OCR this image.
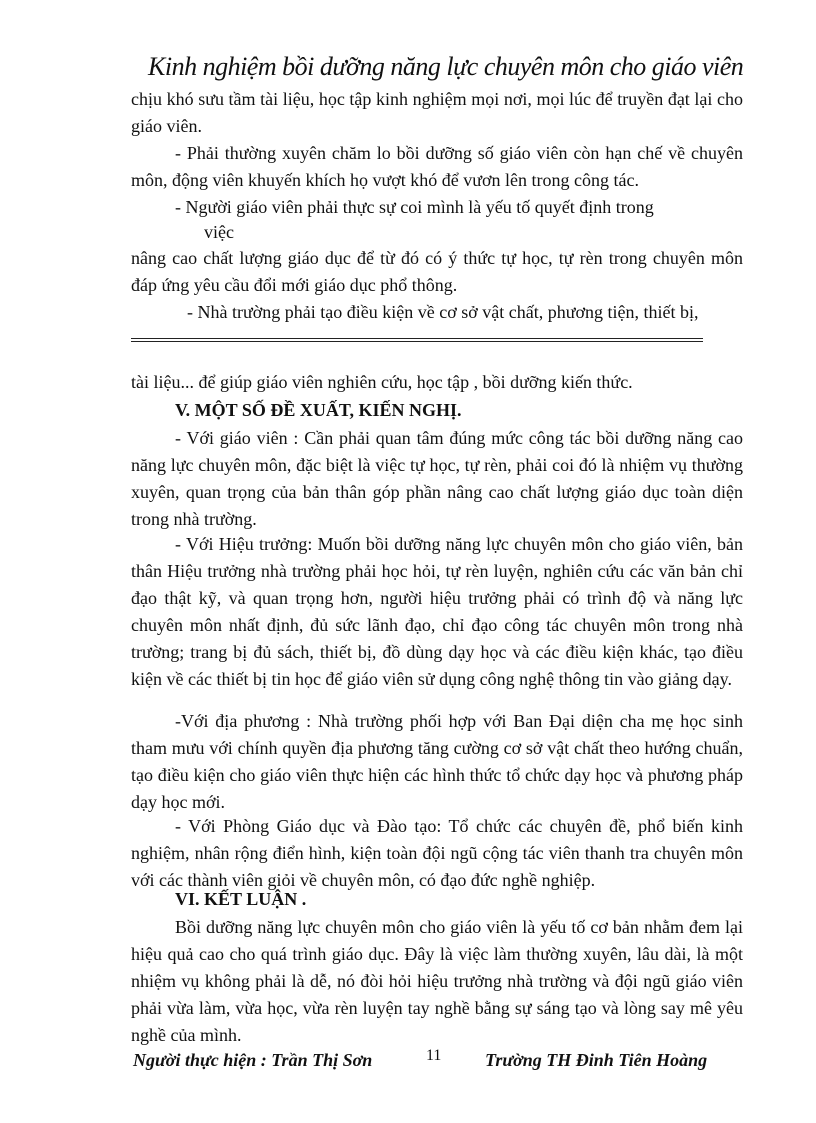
Kinh nghiệm bồi dưỡng năng lực chuyên môn cho giáo viên

chịu khó sưu tầm tài liệu, học tập kinh nghiệm mọi nơi, mọi lúc để truyền đạt lại cho giáo viên.

- Phải thường xuyên chăm lo bồi dưỡng số giáo viên còn hạn chế về chuyên môn, động viên khuyến khích họ vượt khó để vươn lên trong công tác.

- Người giáo viên phải thực sự coi mình là yếu tố quyết định trong

việc

nâng cao chất lượng giáo dục để từ đó có ý thức tự học, tự rèn trong chuyên môn đáp ứng yêu cầu đổi mới giáo dục phổ thông.

- Nhà trường phải tạo điều kiện về cơ sở vật chất, phương tiện, thiết bị,

tài liệu... để giúp giáo viên nghiên cứu, học tập , bồi dưỡng kiến thức.

V. MỘT SỐ ĐỀ XUẤT, KIẾN NGHỊ.

- Với giáo viên : Cần phải quan tâm đúng mức công tác bồi dưỡng năng cao năng lực chuyên môn, đặc biệt là việc tự học, tự rèn, phải coi đó là nhiệm vụ thường xuyên, quan trọng của bản thân góp phần nâng cao chất lượng giáo dục toàn diện trong nhà trường.

- Với Hiệu trưởng: Muốn bồi dưỡng năng lực chuyên môn cho giáo viên, bản thân Hiệu trưởng nhà trường phải học hỏi, tự rèn luyện, nghiên cứu các văn bản chỉ đạo thật kỹ, và quan trọng hơn, người hiệu trưởng phải có trình độ và năng lực chuyên môn nhất định, đủ sức lãnh đạo, chỉ đạo công tác chuyên môn trong nhà trường; trang bị đủ sách, thiết bị, đồ dùng dạy học và các điều kiện khác, tạo điều kiện về các thiết bị tin học để giáo viên sử dụng công nghệ thông tin vào giảng dạy.

-Với địa phương : Nhà trường phối hợp với Ban Đại diện cha mẹ học sinh tham mưu với chính quyền địa phương tăng cường cơ sở vật chất theo hướng chuẩn, tạo điều kiện cho giáo viên thực hiện các hình thức tổ chức dạy học và phương pháp dạy học mới.

- Với Phòng Giáo dục và Đào tạo: Tổ chức các chuyên đề, phổ biến kinh nghiệm, nhân rộng điển hình, kiện toàn đội ngũ cộng tác viên thanh tra chuyên môn với các thành viên giỏi về chuyên môn, có đạo đức nghề nghiệp.

VI. KẾT LUẬN .

Bồi dưỡng năng lực chuyên môn cho giáo viên là yếu tố cơ bản nhằm đem lại hiệu quả cao cho quá trình giáo dục. Đây là việc làm thường xuyên, lâu dài, là một nhiệm vụ không phải là dễ, nó đòi hỏi hiệu trưởng nhà trường và đội ngũ giáo viên phải vừa làm, vừa học, vừa rèn luyện tay nghề bằng sự sáng tạo và lòng say mê yêu nghề của mình.

Người thực hiện : Trần Thị Sơn	11 Trường TH Đinh Tiên Hoàng
